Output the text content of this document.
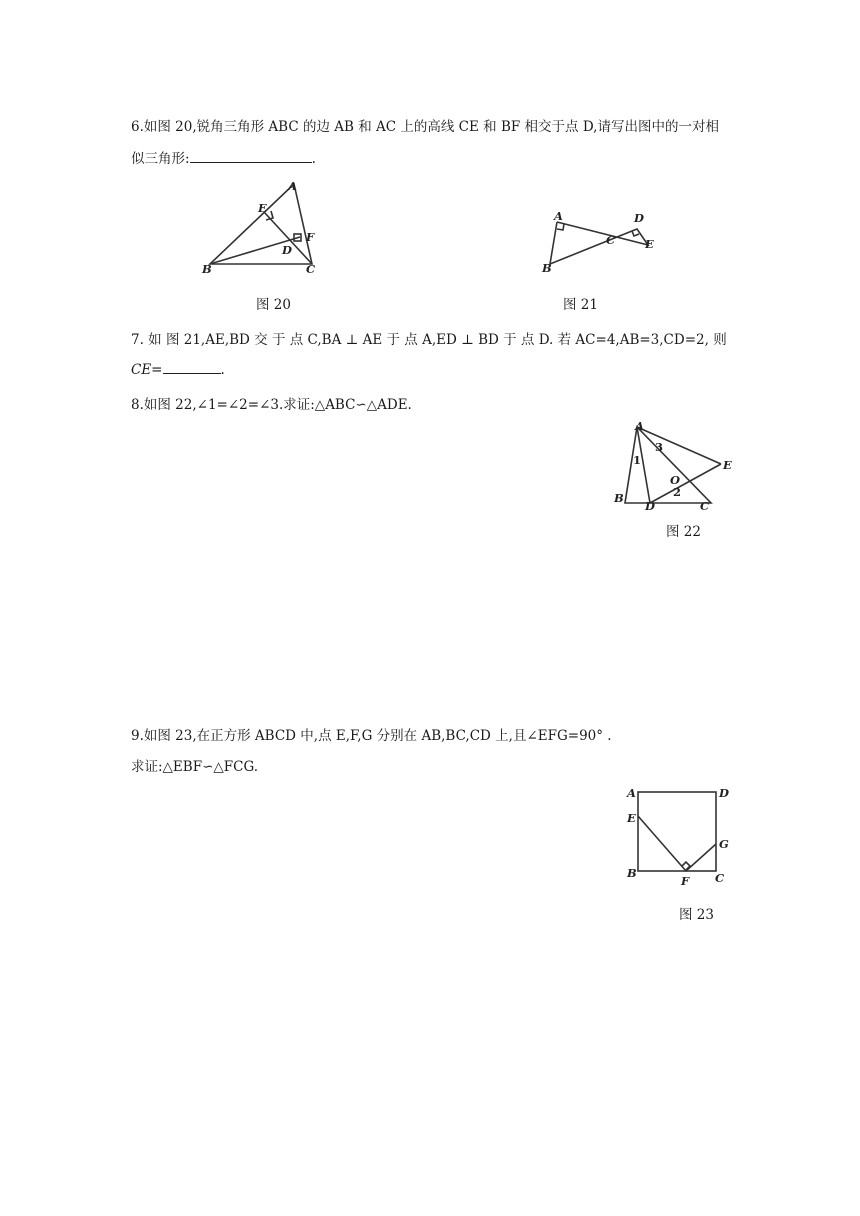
6.如图 20,锐角三角形 ABC 的边 AB 和 AC 上的高线 CE 和 BF 相交于点 D,请写出图中的一对相
似三角形:	.
A
E
F
D
B	C
图 20
A	D
C	E
B
图 21
7. 如 图 21,AE,BD 交 于 点 C,BA ⊥ AE 于 点 A,ED ⊥ BD 于 点 D. 若 AC=4,AB=3,CD=2, 则
CE=	.
8.如图 22,∠1=∠2=∠3.求证:△ABC∽△ADE.
A
B
D	C
E
O
1
2
3
图 22
9.如图 23,在正方形 ABCD 中,点 E,F,G 分别在 AB,BC,CD 上,且∠EFG=90° .
求证:△EBF∽△FCG.
A	D
E
G
B
F C
图 23
